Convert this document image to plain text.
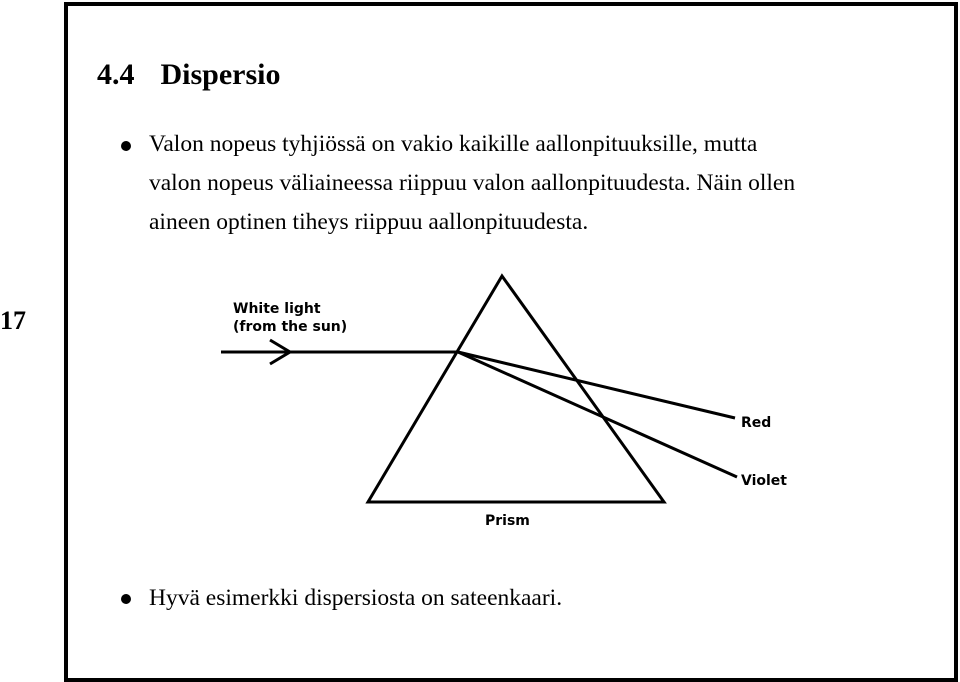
17
4.4 Dispersio

Valon nopeus tyhjiössä on vakio kaikille aallonpituuksille, mutta
valon nopeus väliaineessa riippuu valon aallonpituudesta. Näin ollen
aineen optinen tiheys riippuu aallonpituudesta.

White light
(from the sun)
Red
Violet
Prism

Hyvä esimerkki dispersiosta on sateenkaari.
